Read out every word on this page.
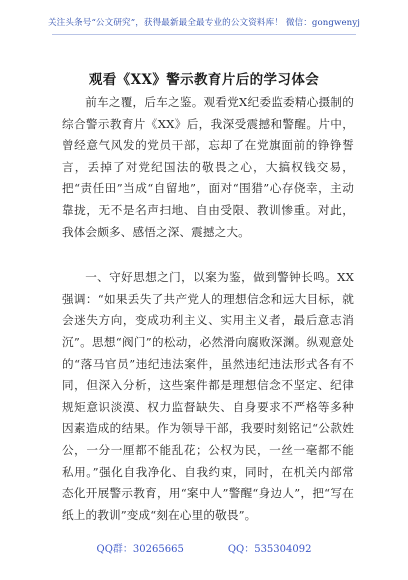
关注头条号“公文研究”，获得最新最全最专业的公文资料库！ 微信：gongwenyj
观看《XX》警示教育片后的学习体会

前车之覆，后车之鉴。观看党X纪委监委精心摄制的综合警示教育片《XX》后，我深受震撼和警醒。片中，曾经意气风发的党员干部，忘却了在党旗面前的铮铮誓言，丢掉了对党纪国法的敬畏之心，大搞权钱交易，把“责任田”当成“自留地”，面对“围猎”心存侥幸，主动靠拢，无不是名声扫地、自由受限、教训惨重。对此，我体会颇多、感悟之深、震撼之大。

一、守好思想之门，以案为鉴，做到警钟长鸣。XX强调：“如果丢失了共产党人的理想信念和远大目标，就会迷失方向，变成功利主义、实用主义者，最后意志消沉”。思想“阀门”的松动，必然滑向腐败深渊。纵观意处的“落马官员”违纪违法案件，虽然违纪违法形式各有不同，但深入分析，这些案件都是理想信念不坚定、纪律规矩意识淡漠、权力监督缺失、自身要求不严格等多种因素造成的结果。作为领导干部，我要时刻铭记“公款姓公，一分一厘都不能乱花；公权为民，一丝一毫都不能私用。”强化自我净化、自我约束，同时，在机关内部常态化开展警示教育，用“案中人”警醒“身边人”，把“写在纸上的教训”变成“刻在心里的敬畏”。

QQ群：30265665	QQ：535304092
